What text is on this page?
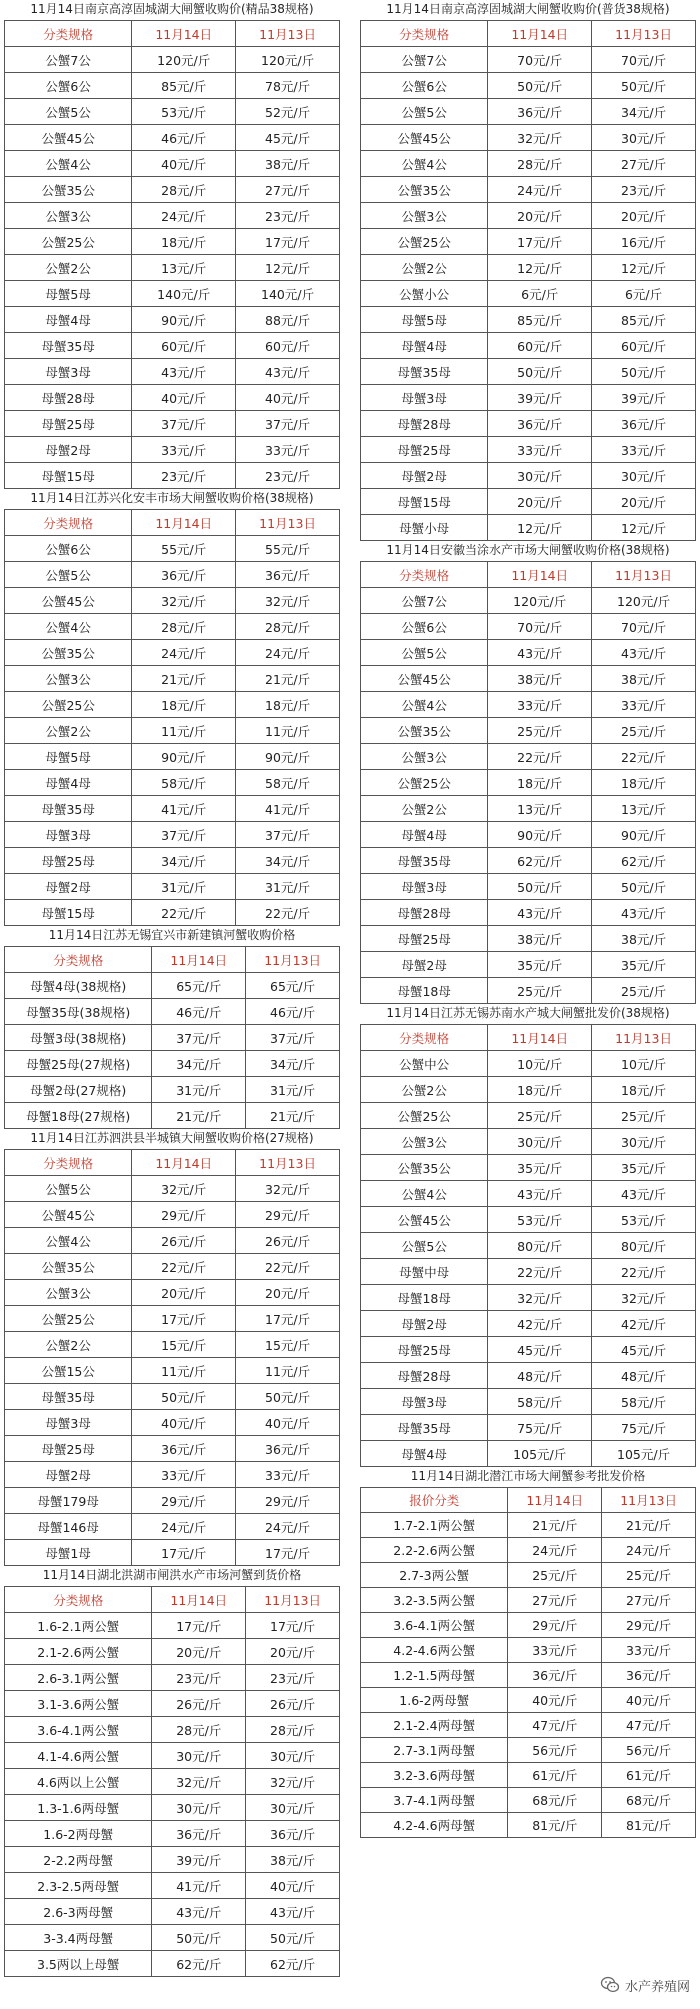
11月14日南京高淳固城湖大闸蟹收购价(精品38规格)
分类规格	11月14日	11月13日
公蟹7公	120元/斤	120元/斤
公蟹6公	85元/斤	78元/斤
公蟹5公	53元/斤	52元/斤
公蟹45公	46元/斤	45元/斤
公蟹4公	40元/斤	38元/斤
公蟹35公	28元/斤	27元/斤
公蟹3公	24元/斤	23元/斤
公蟹25公	18元/斤	17元/斤
公蟹2公	13元/斤	12元/斤
母蟹5母	140元/斤	140元/斤
母蟹4母	90元/斤	88元/斤
母蟹35母	60元/斤	60元/斤
母蟹3母	43元/斤	43元/斤
母蟹28母	40元/斤	40元/斤
母蟹25母	37元/斤	37元/斤
母蟹2母	33元/斤	33元/斤
母蟹15母	23元/斤	23元/斤
11月14日江苏兴化安丰市场大闸蟹收购价格(38规格)
分类规格	11月14日	11月13日
公蟹6公	55元/斤	55元/斤
公蟹5公	36元/斤	36元/斤
公蟹45公	32元/斤	32元/斤
公蟹4公	28元/斤	28元/斤
公蟹35公	24元/斤	24元/斤
公蟹3公	21元/斤	21元/斤
公蟹25公	18元/斤	18元/斤
公蟹2公	11元/斤	11元/斤
母蟹5母	90元/斤	90元/斤
母蟹4母	58元/斤	58元/斤
母蟹35母	41元/斤	41元/斤
母蟹3母	37元/斤	37元/斤
母蟹25母	34元/斤	34元/斤
母蟹2母	31元/斤	31元/斤
母蟹15母	22元/斤	22元/斤
11月14日江苏无锡宜兴市新建镇河蟹收购价格
分类规格	11月14日	11月13日
母蟹4母(38规格)	65元/斤	65元/斤
母蟹35母(38规格)	46元/斤	46元/斤
母蟹3母(38规格)	37元/斤	37元/斤
母蟹25母(27规格)	34元/斤	34元/斤
母蟹2母(27规格)	31元/斤	31元/斤
母蟹18母(27规格)	21元/斤	21元/斤
11月14日江苏泗洪县半城镇大闸蟹收购价格(27规格)
分类规格	11月14日	11月13日
公蟹5公	32元/斤	32元/斤
公蟹45公	29元/斤	29元/斤
公蟹4公	26元/斤	26元/斤
公蟹35公	22元/斤	22元/斤
公蟹3公	20元/斤	20元/斤
公蟹25公	17元/斤	17元/斤
公蟹2公	15元/斤	15元/斤
公蟹15公	11元/斤	11元/斤
母蟹35母	50元/斤	50元/斤
母蟹3母	40元/斤	40元/斤
母蟹25母	36元/斤	36元/斤
母蟹2母	33元/斤	33元/斤
母蟹179母	29元/斤	29元/斤
母蟹146母	24元/斤	24元/斤
母蟹1母	17元/斤	17元/斤
11月14日湖北洪湖市闸洪水产市场河蟹到货价格
分类规格	11月14日	11月13日
1.6-2.1两公蟹	17元/斤	17元/斤
2.1-2.6两公蟹	20元/斤	20元/斤
2.6-3.1两公蟹	23元/斤	23元/斤
3.1-3.6两公蟹	26元/斤	26元/斤
3.6-4.1两公蟹	28元/斤	28元/斤
4.1-4.6两公蟹	30元/斤	30元/斤
4.6两以上公蟹	32元/斤	32元/斤
1.3-1.6两母蟹	30元/斤	30元/斤
1.6-2两母蟹	36元/斤	36元/斤
2-2.2两母蟹	39元/斤	38元/斤
2.3-2.5两母蟹	41元/斤	40元/斤
2.6-3两母蟹	43元/斤	43元/斤
3-3.4两母蟹	50元/斤	50元/斤
3.5两以上母蟹	62元/斤	62元/斤
11月14日南京高淳固城湖大闸蟹收购价(普货38规格)
分类规格	11月14日	11月13日
公蟹7公	70元/斤	70元/斤
公蟹6公	50元/斤	50元/斤
公蟹5公	36元/斤	34元/斤
公蟹45公	32元/斤	30元/斤
公蟹4公	28元/斤	27元/斤
公蟹35公	24元/斤	23元/斤
公蟹3公	20元/斤	20元/斤
公蟹25公	17元/斤	16元/斤
公蟹2公	12元/斤	12元/斤
公蟹小公	6元/斤	6元/斤
母蟹5母	85元/斤	85元/斤
母蟹4母	60元/斤	60元/斤
母蟹35母	50元/斤	50元/斤
母蟹3母	39元/斤	39元/斤
母蟹28母	36元/斤	36元/斤
母蟹25母	33元/斤	33元/斤
母蟹2母	30元/斤	30元/斤
母蟹15母	20元/斤	20元/斤
母蟹小母	12元/斤	12元/斤
11月14日安徽当涂水产市场大闸蟹收购价格(38规格)
分类规格	11月14日	11月13日
公蟹7公	120元/斤	120元/斤
公蟹6公	70元/斤	70元/斤
公蟹5公	43元/斤	43元/斤
公蟹45公	38元/斤	38元/斤
公蟹4公	33元/斤	33元/斤
公蟹35公	25元/斤	25元/斤
公蟹3公	22元/斤	22元/斤
公蟹25公	18元/斤	18元/斤
公蟹2公	13元/斤	13元/斤
母蟹4母	90元/斤	90元/斤
母蟹35母	62元/斤	62元/斤
母蟹3母	50元/斤	50元/斤
母蟹28母	43元/斤	43元/斤
母蟹25母	38元/斤	38元/斤
母蟹2母	35元/斤	35元/斤
母蟹18母	25元/斤	25元/斤
11月14日江苏无锡苏南水产城大闸蟹批发价(38规格)
分类规格	11月14日	11月13日
公蟹中公	10元/斤	10元/斤
公蟹2公	18元/斤	18元/斤
公蟹25公	25元/斤	25元/斤
公蟹3公	30元/斤	30元/斤
公蟹35公	35元/斤	35元/斤
公蟹4公	43元/斤	43元/斤
公蟹45公	53元/斤	53元/斤
公蟹5公	80元/斤	80元/斤
母蟹中母	22元/斤	22元/斤
母蟹18母	32元/斤	32元/斤
母蟹2母	42元/斤	42元/斤
母蟹25母	45元/斤	45元/斤
母蟹28母	48元/斤	48元/斤
母蟹3母	58元/斤	58元/斤
母蟹35母	75元/斤	75元/斤
母蟹4母	105元/斤	105元/斤
11月14日湖北潜江市场大闸蟹参考批发价格
报价分类	11月14日	11月13日
1.7-2.1两公蟹	21元/斤	21元/斤
2.2-2.6两公蟹	24元/斤	24元/斤
2.7-3两公蟹	25元/斤	25元/斤
3.2-3.5两公蟹	27元/斤	27元/斤
3.6-4.1两公蟹	29元/斤	29元/斤
4.2-4.6两公蟹	33元/斤	33元/斤
1.2-1.5两母蟹	36元/斤	36元/斤
1.6-2两母蟹	40元/斤	40元/斤
2.1-2.4两母蟹	47元/斤	47元/斤
2.7-3.1两母蟹	56元/斤	56元/斤
3.2-3.6两母蟹	61元/斤	61元/斤
3.7-4.1两母蟹	68元/斤	68元/斤
4.2-4.6两母蟹	81元/斤	81元/斤
水产养殖网
